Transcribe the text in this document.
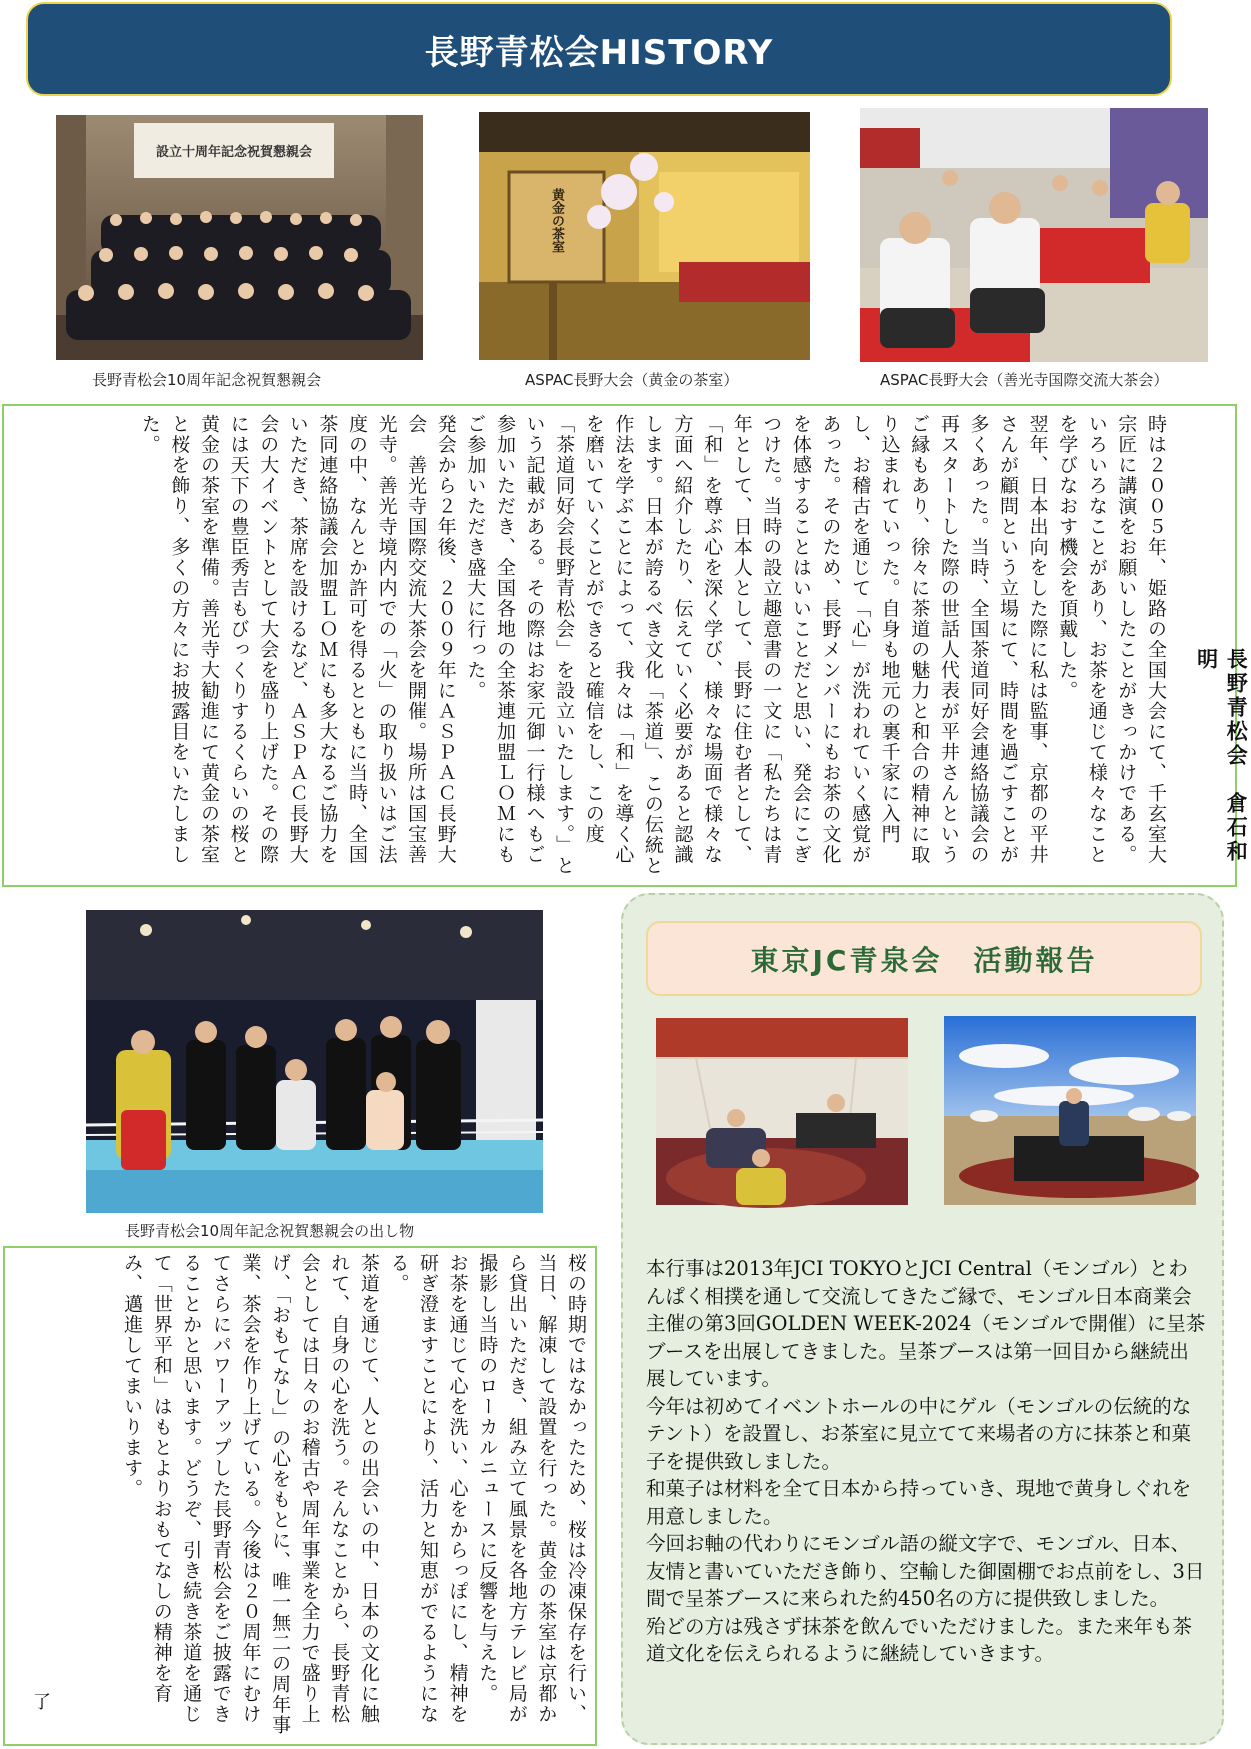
長野青松会HISTORY
設立十周年記念祝賀懇親会
長野青松会10周年記念祝賀懇親会
黄金の茶室
ASPAC長野大会（黄金の茶室）	ASPAC長野大会（善光寺国際交流大茶会）
長野青松会　倉石和明
時は２００５年、姫路の全国大会にて、千玄室大宗匠に講演をお願いしたことがきっかけである。
いろいろなことがあり、お茶を通じて様々なことを学びなおす機会を頂戴した。
翌年、日本出向をした際に私は監事、京都の平井さんが顧問という立場にて、時間を過ごすことが多くあった。当時、全国茶道同好会連絡協議会の再スタートした際の世話人代表が平井さんというご縁もあり、徐々に茶道の魅力と和合の精神に取り込まれていった。自身も地元の裏千家に入門し、お稽古を通じて「心」が洗われていく感覚があった。そのため、長野メンバーにもお茶の文化を体感することはいいことだと思い、発会にこぎつけた。当時の設立趣意書の一文に「私たちは青年として、日本人として、長野に住む者として、「和」を尊ぶ心を深く学び、様々な場面で様々な方面へ紹介したり、伝えていく必要があると認識します。日本が誇るべき文化「茶道」、この伝統と作法を学ぶことによって、我々は「和」を導く心を磨いていくことができると確信をし、この度「茶道同好会長野青松会」を設立いたします。」という記載がある。その際はお家元御一行様へもご参加いただき、全国各地の全茶連加盟ＬＯＭにもご参加いただき盛大に行った。
発会から２年後、２００９年にＡＳＰＡＣ長野大会　善光寺国際交流大茶会を開催。場所は国宝善光寺。善光寺境内内での「火」の取り扱いはご法度の中、なんとか許可を得るとともに当時、全国茶同連絡協議会加盟ＬＯＭにも多大なるご協力をいただき、茶席を設けるなど、ＡＳＰＡＣ長野大会の大イベントとして大会を盛り上げた。その際には天下の豊臣秀吉もびっくりするくらいの桜と黄金の茶室を準備。善光寺大勧進にて黄金の茶室と桜を飾り、多くの方々にお披露目をいたしました。
長野青松会10周年記念祝賀懇親会の出し物
桜の時期ではなかったため、桜は冷凍保存を行い、当日、解凍して設置を行った。黄金の茶室は京都から貸出いただき、組み立て風景を各地方テレビ局が撮影し当時のローカルニュースに反響を与えた。
お茶を通じて心を洗い、心をからっぽにし、精神を研ぎ澄ますことにより、活力と知恵がでるようになる。
茶道を通じて、人との出会いの中、日本の文化に触れて、自身の心を洗う。そんなことから、長野青松会としては日々のお稽古や周年事業を全力で盛り上げ、「おもてなし」の心をもとに、唯一無二の周年事業、茶会を作り上げている。今後は２０周年にむけてさらにパワーアップした長野青松会をご披露できることかと思います。どうぞ、引き続き茶道を通じて「世界平和」はもとよりおもてなしの精神を育み、邁進してまいります。
了
東京JC青泉会　活動報告

本行事は2013年JCI TOKYOとJCI Central（モンゴル）とわんぱく相撲を通して交流してきたご縁で、モンゴル日本商業会主催の第3回GOLDEN WEEK-2024（モンゴルで開催）に呈茶ブースを出展してきました。呈茶ブースは第一回目から継続出展しています。

今年は初めてイベントホールの中にゲル（モンゴルの伝統的なテント）を設置し、お茶室に見立てて来場者の方に抹茶と和菓子を提供致しました。

和菓子は材料を全て日本から持っていき、現地で黄身しぐれを用意しました。

今回お軸の代わりにモンゴル語の縦文字で、モンゴル、日本、友情と書いていただき飾り、空輸した御園棚でお点前をし、3日間で呈茶ブースに来られた約450名の方に提供致しました。

殆どの方は残さず抹茶を飲んでいただけました。また来年も茶道文化を伝えられるように継続していきます。
